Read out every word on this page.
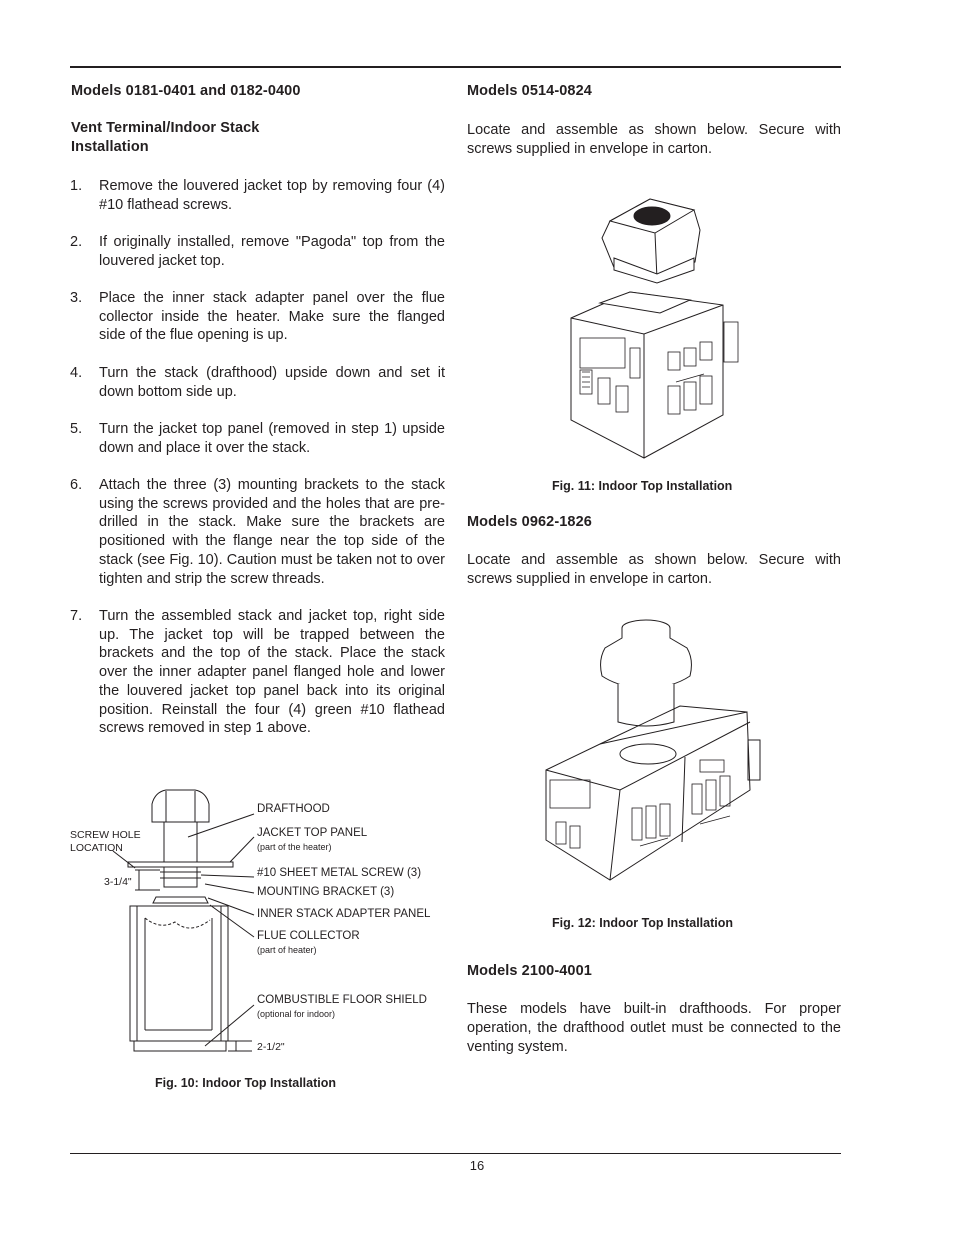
Models 0181-0401 and 0182-0400
Vent Terminal/Indoor Stack
Installation
1.	Remove the louvered jacket top by removing four (4) #10 flathead screws.
2.	If originally installed, remove "Pagoda" top from the louvered jacket top.
3.	Place the inner stack adapter panel over the flue collector inside the heater. Make sure the flanged side of the flue opening is up.
4.	Turn the stack (drafthood) upside down and set it down bottom side up.
5.	Turn the jacket top panel (removed in step 1) upside down and place it over the stack.
6.	Attach the three (3) mounting brackets to the stack using the screws provided and the holes that are pre-drilled in the stack. Make sure the brackets are positioned with the flange near the top side of the stack (see Fig. 10). Caution must be taken not to over tighten and strip the screw threads.
7.	Turn the assembled stack and jacket top, right side up. The jacket top will be trapped between the brackets and the top of the stack. Place the stack over the inner adapter panel flanged hole and lower the louvered jacket top panel back into its original position. Reinstall the four (4) green #10 flathead screws removed in step 1 above.
DRAFTHOOD
SCREW HOLE
LOCATION
JACKET TOP PANEL
(part of the heater)
3-1/4"
#10 SHEET METAL SCREW (3)
MOUNTING BRACKET (3)
INNER STACK ADAPTER PANEL
FLUE COLLECTOR
(part of heater)
COMBUSTIBLE FLOOR SHIELD
(optional for indoor)
2-1/2"
Fig. 10: Indoor Top Installation
Models 0514-0824
Locate and assemble as shown below. Secure with screws supplied in envelope in carton.
Fig. 11: Indoor Top Installation
Models 0962-1826
Locate and assemble as shown below. Secure with screws supplied in envelope in carton.
Fig. 12: Indoor Top Installation
Models 2100-4001
These models have built-in drafthoods. For proper operation, the drafthood outlet must be connected to the venting system.
16
